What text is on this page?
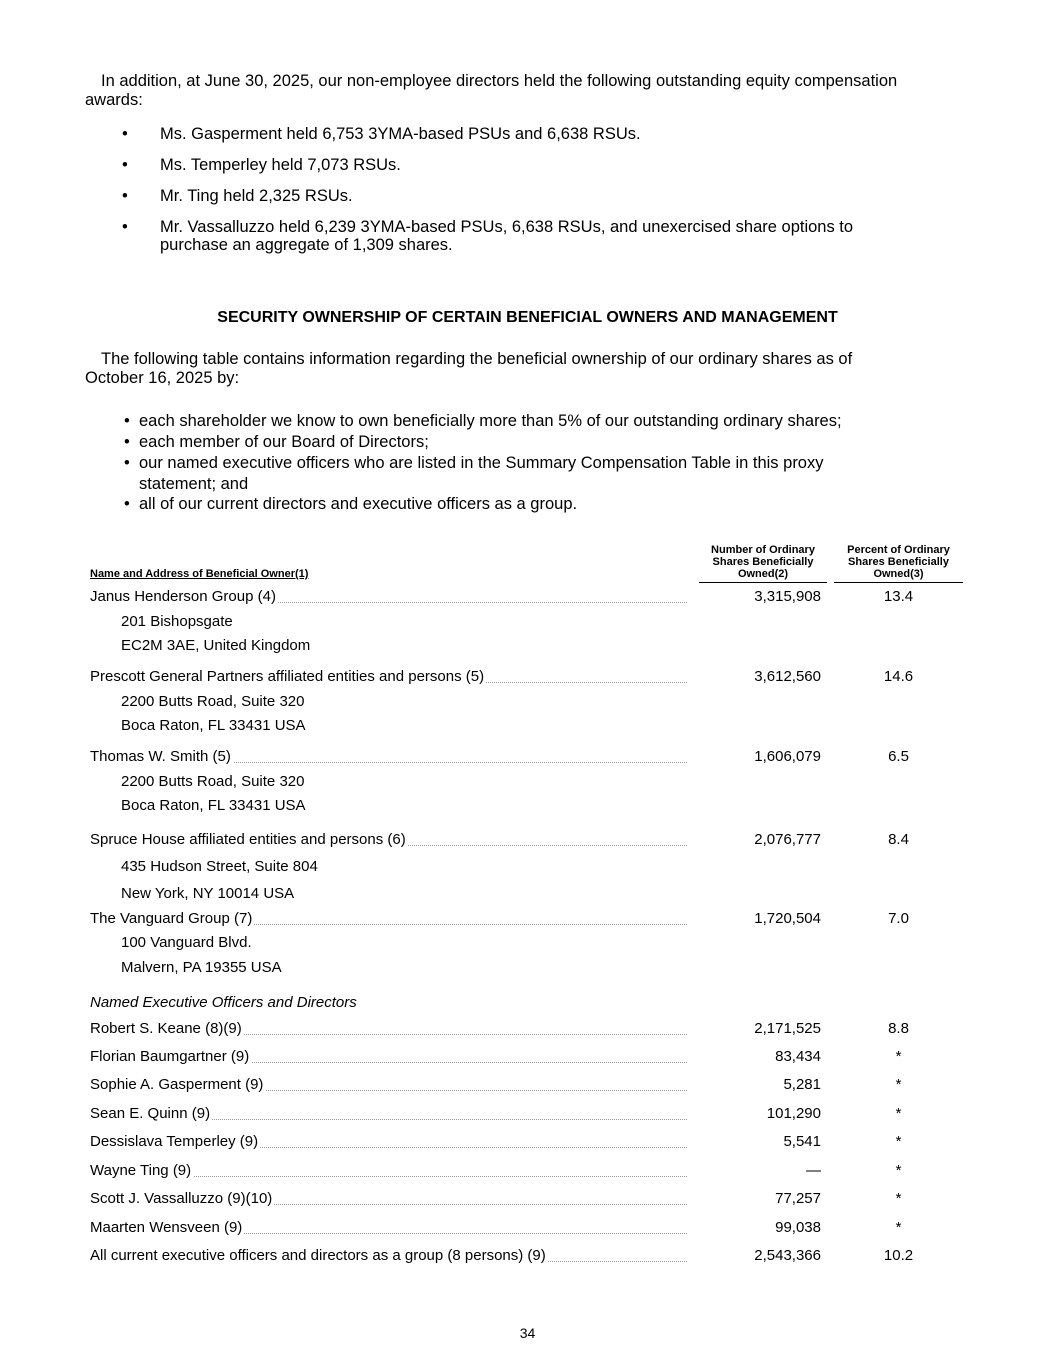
In addition, at June 30, 2025, our non-employee directors held the following outstanding equity compensation awards:

• Ms. Gasperment held 6,753 3YMA-based PSUs and 6,638 RSUs.
• Ms. Temperley held 7,073 RSUs.
• Mr. Ting held 2,325 RSUs.
• Mr. Vassalluzzo held 6,239 3YMA-based PSUs, 6,638 RSUs, and unexercised share options to purchase an aggregate of 1,309 shares.
SECURITY OWNERSHIP OF CERTAIN BENEFICIAL OWNERS AND MANAGEMENT

The following table contains information regarding the beneficial ownership of our ordinary shares as of October 16, 2025 by:

• each shareholder we know to own beneficially more than 5% of our outstanding ordinary shares;
• each member of our Board of Directors;
• our named executive officers who are listed in the Summary Compensation Table in this proxy statement; and
• all of our current directors and executive officers as a group.
Name and Address of Beneficial Owner(1)
Number of Ordinary Shares Beneficially Owned(2)
Percent of Ordinary Shares Beneficially Owned(3)
Janus Henderson Group (4)	3,315,908	13.4
201 Bishopsgate
EC2M 3AE, United Kingdom
Prescott General Partners affiliated entities and persons (5)	3,612,560	14.6
2200 Butts Road, Suite 320
Boca Raton, FL 33431 USA
Thomas W. Smith (5)	1,606,079	6.5
2200 Butts Road, Suite 320
Boca Raton, FL 33431 USA
Spruce House affiliated entities and persons (6)	2,076,777	8.4
435 Hudson Street, Suite 804
New York, NY 10014 USA
The Vanguard Group (7)	1,720,504	7.0
100 Vanguard Blvd.
Malvern, PA 19355 USA
Named Executive Officers and Directors
Robert S. Keane (8)(9)	2,171,525	8.8
Florian Baumgartner (9)	83,434	*
Sophie A. Gasperment (9)	5,281	*
Sean E. Quinn (9)	101,290	*
Dessislava Temperley (9)	5,541	*
Wayne Ting (9)	—	*
Scott J. Vassalluzzo (9)(10)	77,257	*
Maarten Wensveen (9)	99,038	*
All current executive officers and directors as a group (8 persons) (9)	2,543,366	10.2
34
